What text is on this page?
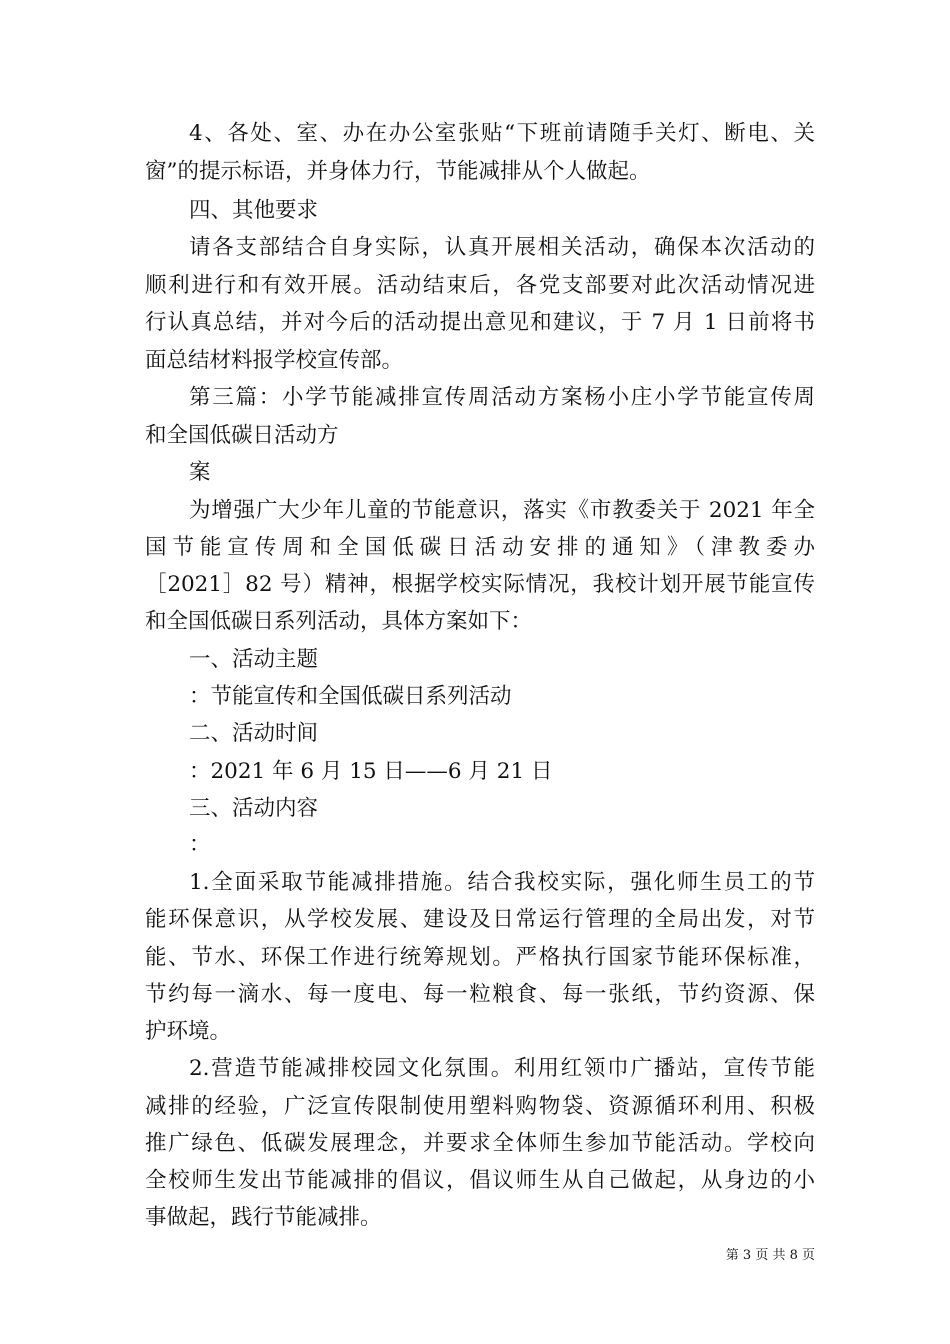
4、各处、室、办在办公室张贴“下班前请随手关灯、断电、关
窗”的提示标语，并身体力行，节能减排从个人做起。
四、其他要求
请各支部结合自身实际，认真开展相关活动，确保本次活动的
顺利进行和有效开展。活动结束后，各党支部要对此次活动情况进
行认真总结，并对今后的活动提出意见和建议，于 7 月 1 日前将书
面总结材料报学校宣传部。
第三篇：小学节能减排宣传周活动方案杨小庄小学节能宣传周
和全国低碳日活动方
案
为增强广大少年儿童的节能意识，落实《市教委关于 2021 年全
国节能宣传周和全国低碳日活动安排的通知》（津教委办
［2021］82 号）精神，根据学校实际情况，我校计划开展节能宣传
和全国低碳日系列活动，具体方案如下：
一、活动主题
：节能宣传和全国低碳日系列活动
二、活动时间
：2021 年 6 月 15 日——6 月 21 日
三、活动内容
：
1.全面采取节能减排措施。结合我校实际，强化师生员工的节
能环保意识，从学校发展、建设及日常运行管理的全局出发，对节
能、节水、环保工作进行统筹规划。严格执行国家节能环保标准，
节约每一滴水、每一度电、每一粒粮食、每一张纸，节约资源、保
护环境。
2.营造节能减排校园文化氛围。利用红领巾广播站，宣传节能
减排的经验，广泛宣传限制使用塑料购物袋、资源循环利用、积极
推广绿色、低碳发展理念，并要求全体师生参加节能活动。学校向
全校师生发出节能减排的倡议，倡议师生从自己做起，从身边的小
事做起，践行节能减排。
第 3 页 共 8 页
